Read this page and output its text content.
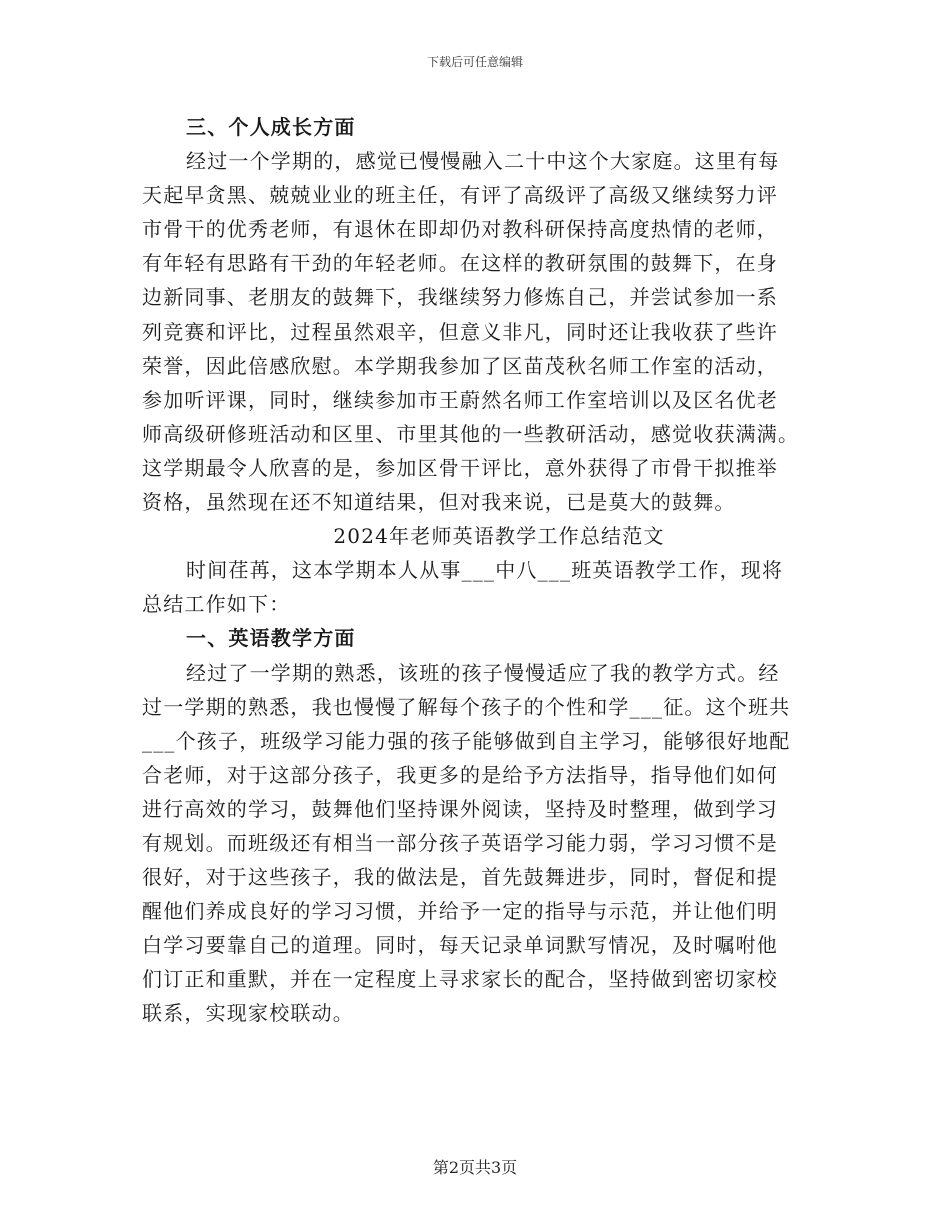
下载后可任意编辑
三、个人成长方面
经过一个学期的，感觉已慢慢融入二十中这个大家庭。这里有每
天起早贪黑、兢兢业业的班主任，有评了高级评了高级又继续努力评
市骨干的优秀老师，有退休在即却仍对教科研保持高度热情的老师，
有年轻有思路有干劲的年轻老师。在这样的教研氛围的鼓舞下，在身
边新同事、老朋友的鼓舞下，我继续努力修炼自己，并尝试参加一系
列竞赛和评比，过程虽然艰辛，但意义非凡，同时还让我收获了些许
荣誉，因此倍感欣慰。本学期我参加了区苗茂秋名师工作室的活动，
参加听评课，同时，继续参加市王蔚然名师工作室培训以及区名优老
师高级研修班活动和区里、市里其他的一些教研活动，感觉收获满满。
这学期最令人欣喜的是，参加区骨干评比，意外获得了市骨干拟推举
资格，虽然现在还不知道结果，但对我来说，已是莫大的鼓舞。
2024年老师英语教学工作总结范文
时间荏苒，这本学期本人从事___中八___班英语教学工作，现将
总结工作如下：
一、英语教学方面
经过了一学期的熟悉，该班的孩子慢慢适应了我的教学方式。经
过一学期的熟悉，我也慢慢了解每个孩子的个性和学___征。这个班共
___个孩子，班级学习能力强的孩子能够做到自主学习，能够很好地配
合老师，对于这部分孩子，我更多的是给予方法指导，指导他们如何
进行高效的学习，鼓舞他们坚持课外阅读，坚持及时整理，做到学习
有规划。而班级还有相当一部分孩子英语学习能力弱，学习习惯不是
很好，对于这些孩子，我的做法是，首先鼓舞进步，同时，督促和提
醒他们养成良好的学习习惯，并给予一定的指导与示范，并让他们明
白学习要靠自己的道理。同时，每天记录单词默写情况，及时嘱咐他
们订正和重默，并在一定程度上寻求家长的配合，坚持做到密切家校
联系，实现家校联动。
第2页共3页
